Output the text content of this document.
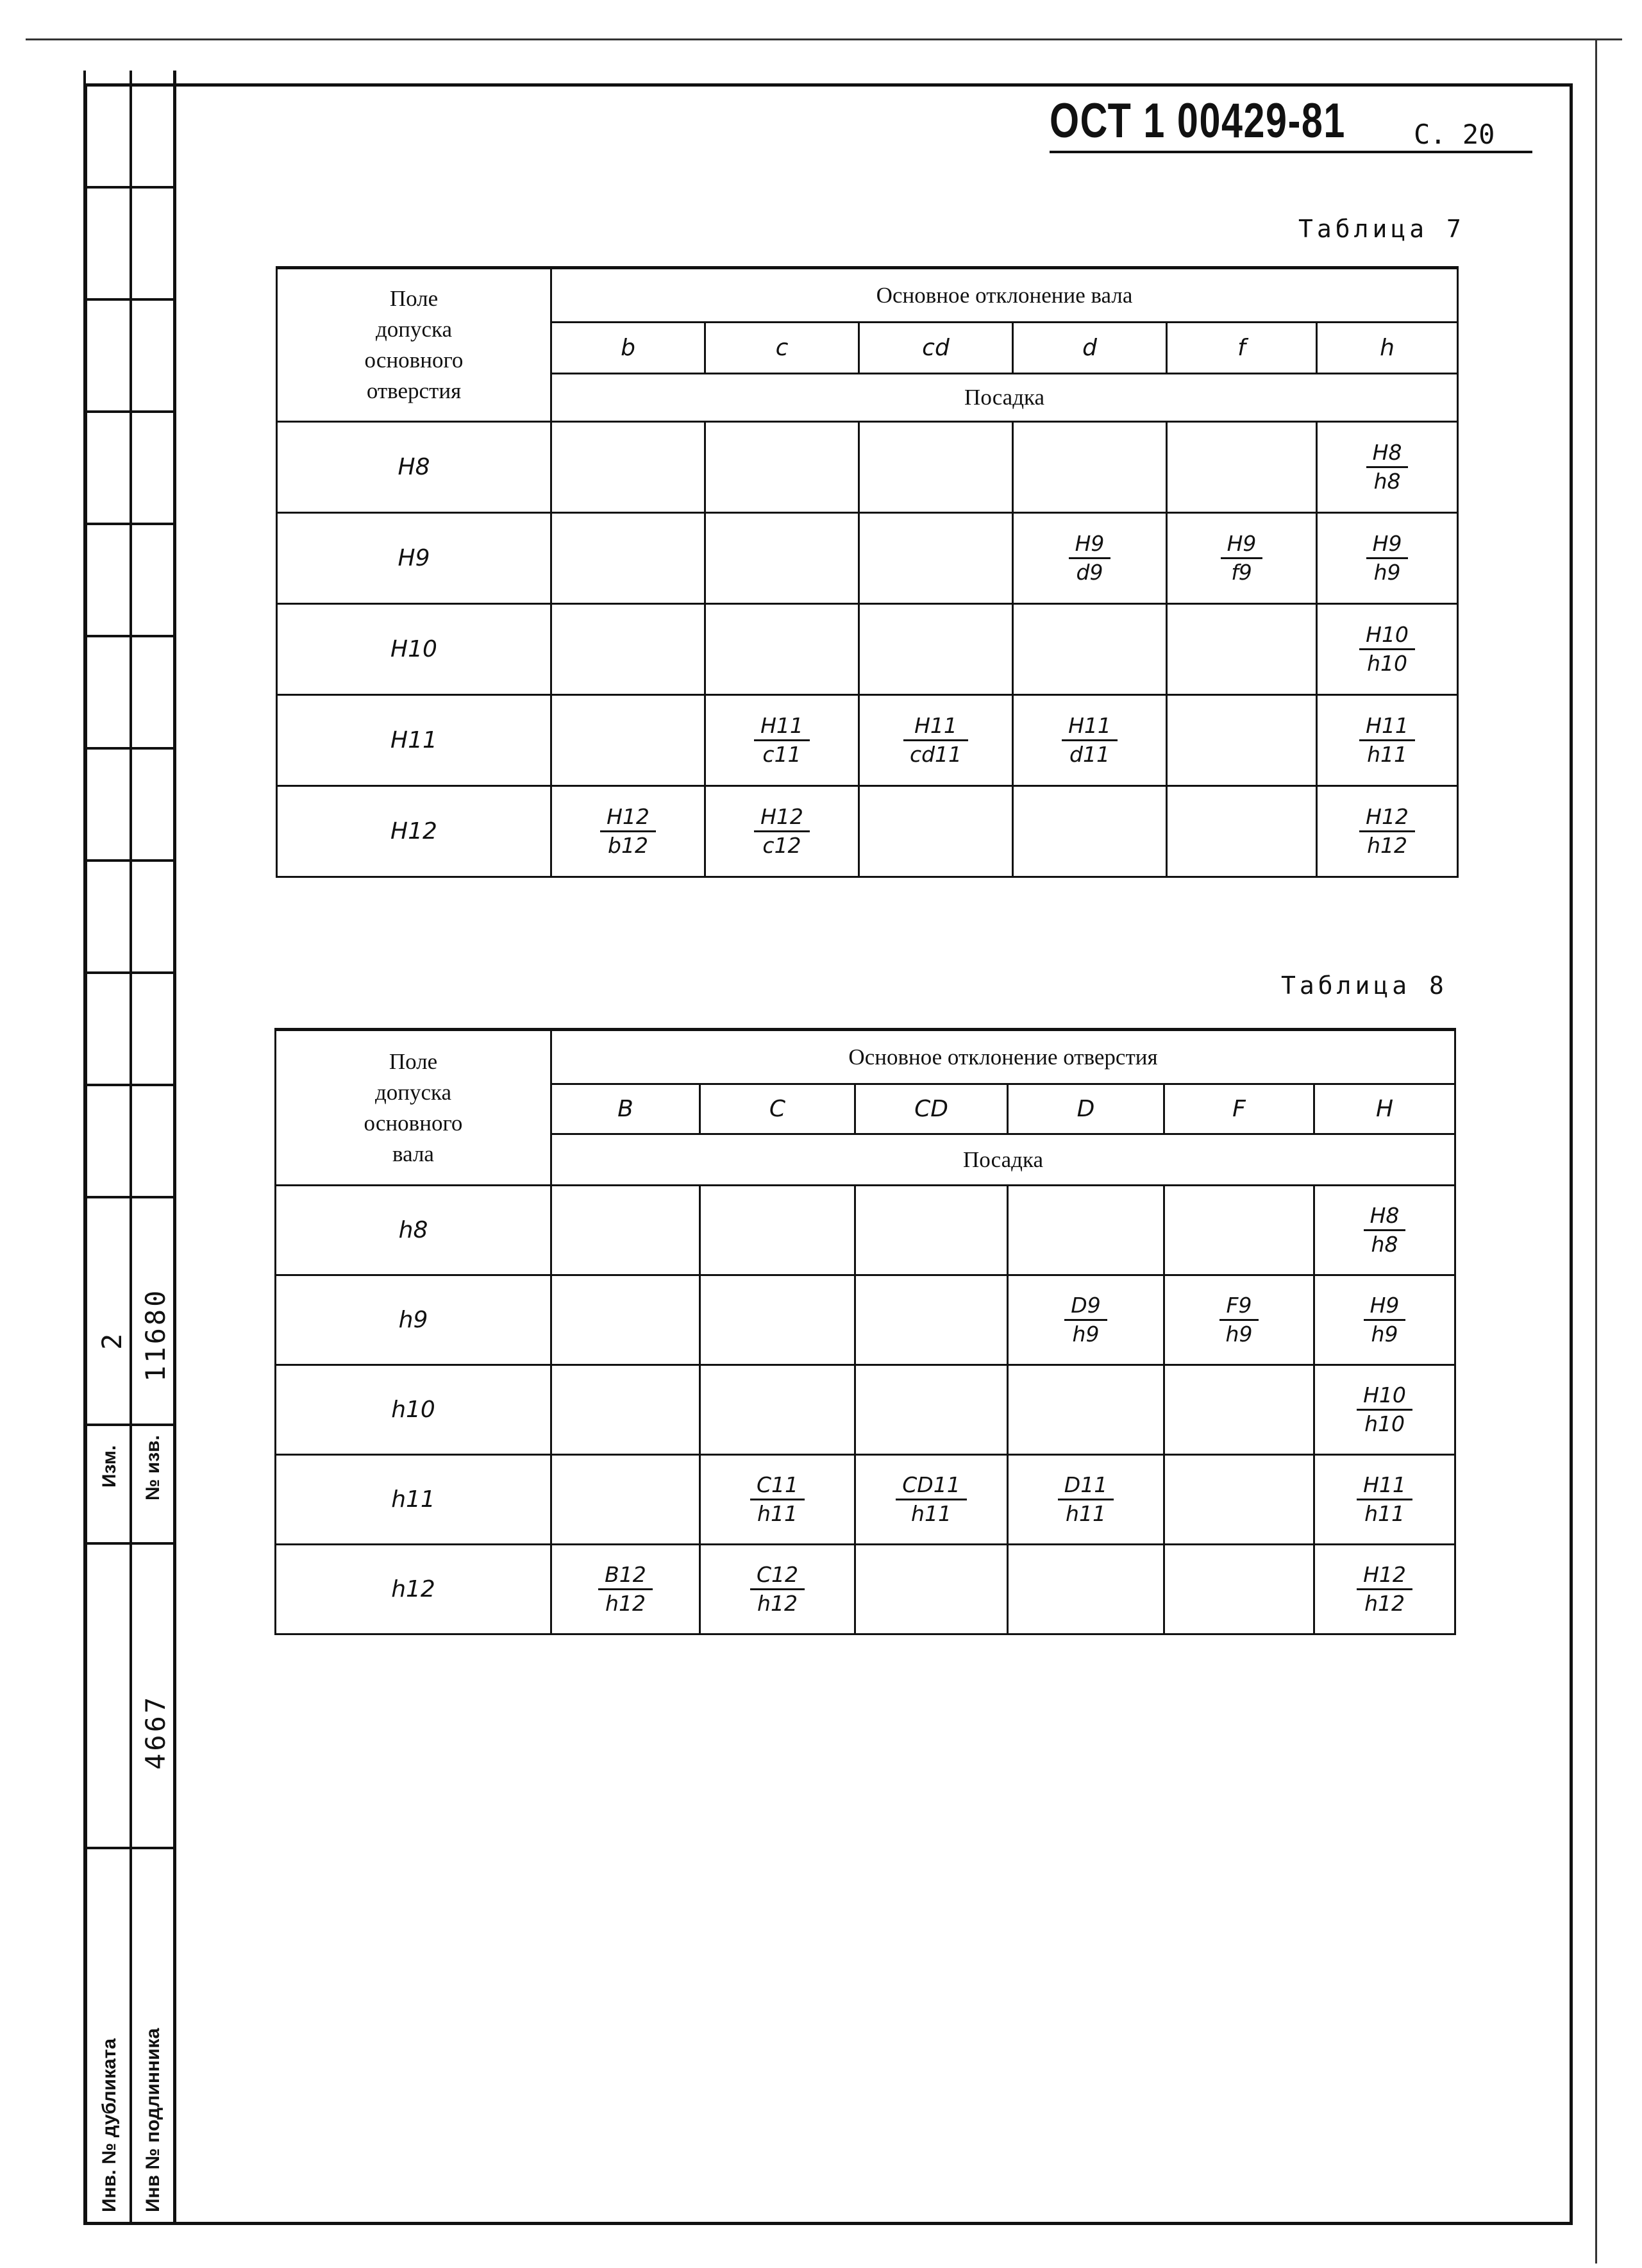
2
Изм.
11680
№ изв.
4667
Инв. № дубликата Инв № подлинника
ОСТ 1 00429-81	С. 20
Таблица 7
Поле
допуска
основного
отверстия	Основное отклонение вала					
	b	c	cd	d	f	h
	Посадка					
H8						$\frac{H8}{h8}$

H9				$\frac{H9}{d9}$	$\frac{H9}{f9}$	$\frac{H9}{h9}$

H10						$\frac{H10}{h10}$

H11		$\frac{H11}{c11}$	$\frac{H11}{cd11}$	$\frac{H11}{d11}$		$\frac{H11}{h11}$

H12	$\frac{H12}{b12}$	$\frac{H12}{c12}$				$\frac{H12}{h12}$
Таблица 8
Поле
допуска
основного
вала	Основное отклонение отверстия					
	B	C	CD	D	F	H
	Посадка					
h8						$\frac{H8}{h8}$

h9				$\frac{D9}{h9}$	$\frac{F9}{h9}$	$\frac{H9}{h9}$

h10						$\frac{H10}{h10}$

h11		$\frac{C11}{h11}$	$\frac{CD11}{h11}$	$\frac{D11}{h11}$		$\frac{H11}{h11}$

h12	$\frac{B12}{h12}$	$\frac{C12}{h12}$				$\frac{H12}{h12}$
